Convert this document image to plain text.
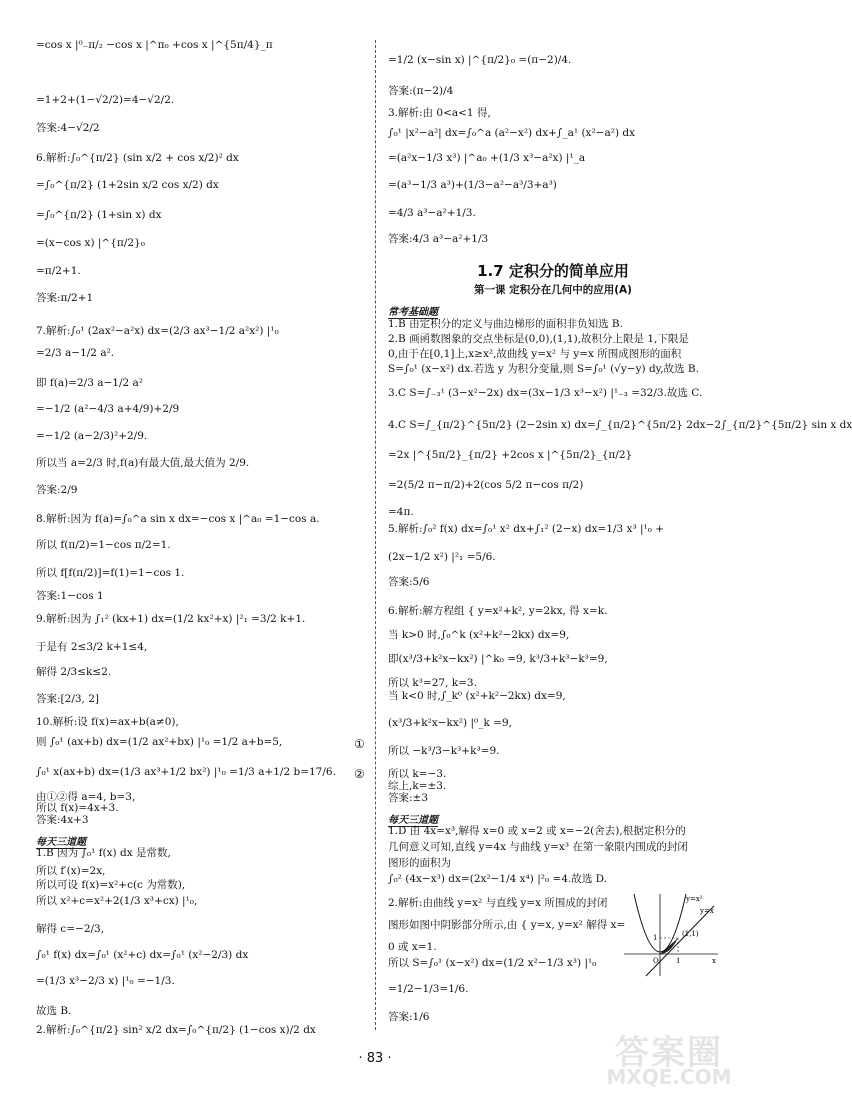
=cos x |⁰₋π/₂ −cos x |^π₀ +cos x |^{5π/4}_π
=1+2+(1−√2/2)=4−√2/2.
答案:4−√2/2
6.解析:∫₀^{π/2} (sin x/2 + cos x/2)² dx
=∫₀^{π/2} (1+2sin x/2 cos x/2) dx
=∫₀^{π/2} (1+sin x) dx
=(x−cos x) |^{π/2}₀
=π/2+1.
答案:π/2+1
7.解析:∫₀¹ (2ax²−a²x) dx=(2/3 ax³−1/2 a²x²) |¹₀
=2/3 a−1/2 a².
即 f(a)=2/3 a−1/2 a²
=−1/2 (a²−4/3 a+4/9)+2/9
=−1/2 (a−2/3)²+2/9.
所以当 a=2/3 时,f(a)有最大值,最大值为 2/9.
答案:2/9
8.解析:因为 f(a)=∫₀^a sin x dx=−cos x |^a₀ =1−cos a.
所以 f(π/2)=1−cos π/2=1.
所以 f[f(π/2)]=f(1)=1−cos 1.
答案:1−cos 1
9.解析:因为 ∫₁² (kx+1) dx=(1/2 kx²+x) |²₁ =3/2 k+1.
于是有 2≤3/2 k+1≤4,
解得 2/3≤k≤2.
答案:[2/3, 2]
10.解析:设 f(x)=ax+b(a≠0),
则 ∫₀¹ (ax+b) dx=(1/2 ax²+bx) |¹₀ =1/2 a+b=5,
∫₀¹ x(ax+b) dx=(1/3 ax³+1/2 bx²) |¹₀ =1/3 a+1/2 b=17/6.
由①②得 a=4, b=3,
所以 f(x)=4x+3.
答案:4x+3
每天三道题
1.B 因为 ∫₀¹ f(x) dx 是常数,
所以 f′(x)=2x,
所以可设 f(x)=x²+c(c 为常数),
所以 x²+c=x²+2(1/3 x³+cx) |¹₀,
解得 c=−2/3,
∫₀¹ f(x) dx=∫₀¹ (x²+c) dx=∫₀¹ (x²−2/3) dx
=(1/3 x³−2/3 x) |¹₀ =−1/3.
故选 B.
2.解析:∫₀^{π/2} sin² x/2 dx=∫₀^{π/2} (1−cos x)/2 dx
①
②
=1/2 (x−sin x) |^{π/2}₀ =(π−2)/4.
答案:(π−2)/4
3.解析:由 0<a<1 得,
∫₀¹ |x²−a²| dx=∫₀^a (a²−x²) dx+∫_a¹ (x²−a²) dx
=(a²x−1/3 x³) |^a₀ +(1/3 x³−a²x) |¹_a
=(a³−1/3 a³)+(1/3−a²−a³/3+a³)
=4/3 a³−a²+1/3.
答案:4/3 a³−a²+1/3
1.7 定积分的简单应用
第一课 定积分在几何中的应用(A)
常考基础题
1.B 由定积分的定义与曲边梯形的面积非负知选 B.
2.B 画函数图象的交点坐标是(0,0),(1,1),故积分上限是 1,下限是
0,由于在[0,1]上,x≥x²,故曲线 y=x² 与 y=x 所围成图形的面积
S=∫₀¹ (x−x²) dx.若选 y 为积分变量,则 S=∫₀¹ (√y−y) dy,故选 B.
3.C S=∫₋₃¹ (3−x²−2x) dx=(3x−1/3 x³−x²) |¹₋₃ =32/3.故选 C.
4.C S=∫_{π/2}^{5π/2} (2−2sin x) dx=∫_{π/2}^{5π/2} 2dx−2∫_{π/2}^{5π/2} sin x dx
=2x |^{5π/2}_{π/2} +2cos x |^{5π/2}_{π/2}
=2(5/2 π−π/2)+2(cos 5/2 π−cos π/2)
=4π.
5.解析:∫₀² f(x) dx=∫₀¹ x² dx+∫₁² (2−x) dx=1/3 x³ |¹₀ +
(2x−1/2 x²) |²₁ =5/6.
答案:5/6
6.解析:解方程组 { y=x²+k², y=2kx, 得 x=k.
当 k>0 时,∫₀^k (x²+k²−2kx) dx=9,
即(x³/3+k²x−kx²) |^k₀ =9, k³/3+k³−k³=9,
所以 k³=27, k=3.
当 k<0 时,∫_k⁰ (x²+k²−2kx) dx=9,
(x³/3+k²x−kx²) |⁰_k =9,
所以 −k³/3−k³+k³=9.
所以 k=−3.
综上,k=±3.
答案:±3
每天三道题
1.D 由 4x=x³,解得 x=0 或 x=2 或 x=−2(舍去),根据定积分的
几何意义可知,直线 y=4x 与曲线 y=x³ 在第一象限内围成的封闭
图形的面积为
∫₀² (4x−x³) dx=(2x²−1/4 x⁴) |²₀ =4.故选 D.
2.解析:由曲线 y=x² 与直线 y=x 所围成的封闭
图形如图中阴影部分所示,由 { y=x, y=x² 解得 x=
0 或 x=1.
所以 S=∫₀¹ (x−x²) dx=(1/2 x²−1/3 x³) |¹₀
=1/2−1/3=1/6.
答案:1/6
y=x²
y=x
(1,1)
1
O 1	x
· 83 ·	答案圈
MXQE.COM
